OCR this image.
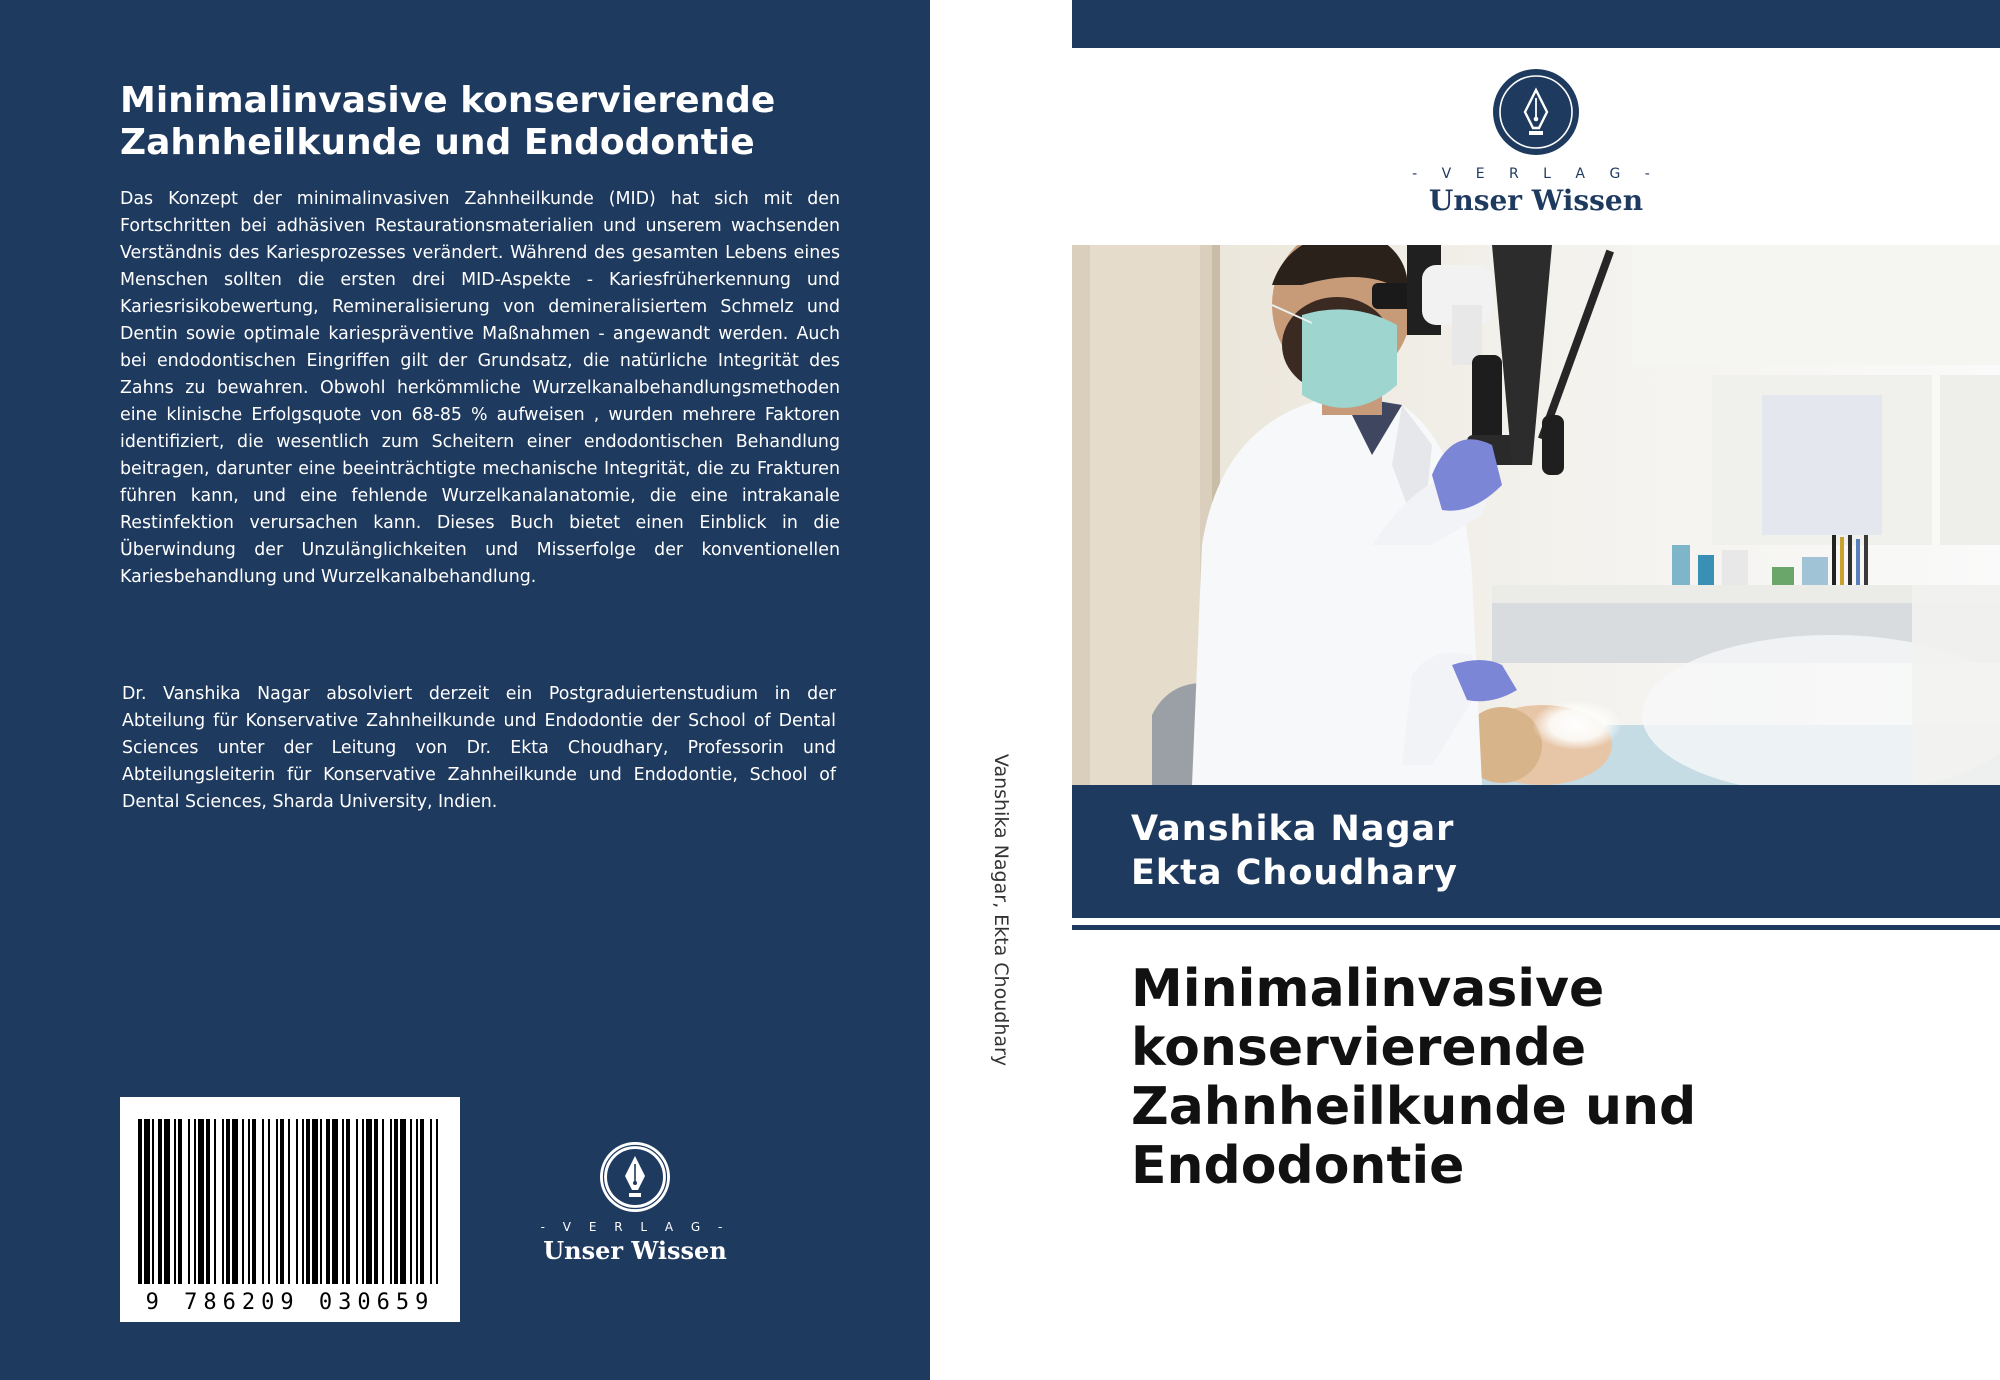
Minimalinvasive konservierende
Zahnheilkunde und Endodontie

Das Konzept der minimalinvasiven Zahnheilkunde (MID) hat sich mit den Fortschritten bei adhäsiven Restaurationsmaterialien und unserem wachsenden Verständnis des Kariesprozesses verändert. Während des gesamten Lebens eines Menschen sollten die ersten drei MID-Aspekte - Kariesfrüherkennung und Kariesrisikobewertung, Remineralisierung von demineralisiertem Schmelz und Dentin sowie optimale kariespräventive Maßnahmen - angewandt werden. Auch bei endodontischen Eingriffen gilt der Grundsatz, die natürliche Integrität des Zahns zu bewahren. Obwohl herkömmliche Wurzelkanalbehandlungsmethoden eine klinische Erfolgsquote von 68-85 % aufweisen , wurden mehrere Faktoren identifiziert, die wesentlich zum Scheitern einer endodontischen Behandlung beitragen, darunter eine beeinträchtigte mechanische Integrität, die zu Frakturen führen kann, und eine fehlende Wurzelkanalanatomie, die eine intrakanale Restinfektion verursachen kann. Dieses Buch bietet einen Einblick in die Überwindung der Unzulänglichkeiten und Misserfolge der konventionellen Kariesbehandlung und Wurzelkanalbehandlung.

Dr. Vanshika Nagar absolviert derzeit ein Postgraduiertenstudium in der Abteilung für Konservative Zahnheilkunde und Endodontie der School of Dental Sciences unter der Leitung von Dr. Ekta Choudhary, Professorin und Abteilungsleiterin für Konservative Zahnheilkunde und Endodontie, School of Dental Sciences, Sharda University, Indien.

9 786209 030659
- V E R L A G -
Unser Wissen
Vanshika Nagar, Ekta Choudhary
- V E R L A G -
Unser Wissen
Vanshika Nagar
Ekta Choudhary
Minimalinvasive
konservierende
Zahnheilkunde und
Endodontie
